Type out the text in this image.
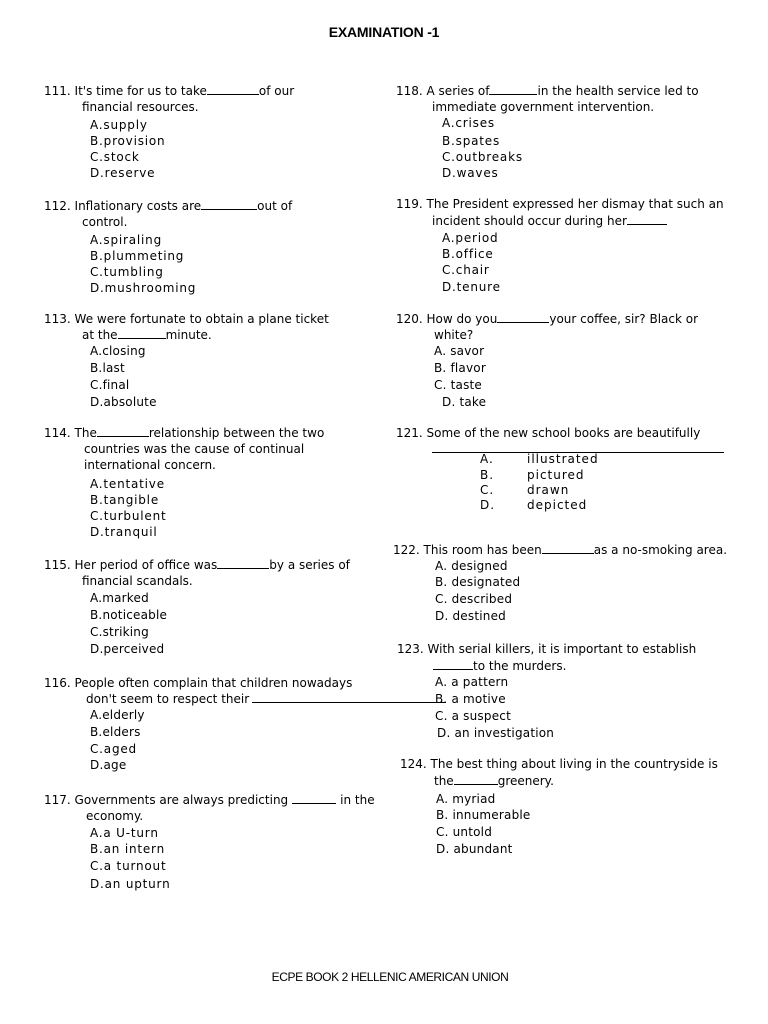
EXAMINATION -1
111. It's time for us to take	of our
financial resources.
A.supply
B.provision
C.stock
D.reserve
112. Inflationary costs are	out of
control.
A.spiraling
B.plummeting
C.tumbling
D.mushrooming
113. We were fortunate to obtain a plane ticket
at the	minute.
A.closing
B.last
C.final
D.absolute
114. The	relationship between the two
countries was the cause of continual
international concern.
A.tentative
B.tangible
C.turbulent
D.tranquil
115. Her period of office was	by a series of
financial scandals.
A.marked
B.noticeable
C.striking
D.perceived
116. People often complain that children nowadays
don't seem to respect their
A.elderly
B.elders
C.aged
D.age
117. Governments are always predicting	in the
economy.
A.a U-turn
B.an intern
C.a turnout
D.an upturn
118. A series of	in the health service led to
immediate government intervention.
A.crises
B.spates
C.outbreaks
D.waves
119. The President expressed her dismay that such an
incident should occur during her
A.period
B.office
C.chair
D.tenure
120. How do you	your coffee, sir? Black or
white?
A. savor
B. flavor
C. taste
D. take
121. Some of the new school books are beautifully
A.	illustrated
B.	pictured
C.	drawn
D.	depicted
122. This room has been	as a no-smoking area.
A. designed
B. designated
C. described
D. destined
123. With serial killers, it is important to establish
to the murders.
A. a pattern
B. a motive
C. a suspect
D. an investigation
124. The best thing about living in the countryside is
the	greenery.
A. myriad
B. innumerable
C. untold
D. abundant
ECPE BOOK 2 HELLENIC AMERICAN UNION
